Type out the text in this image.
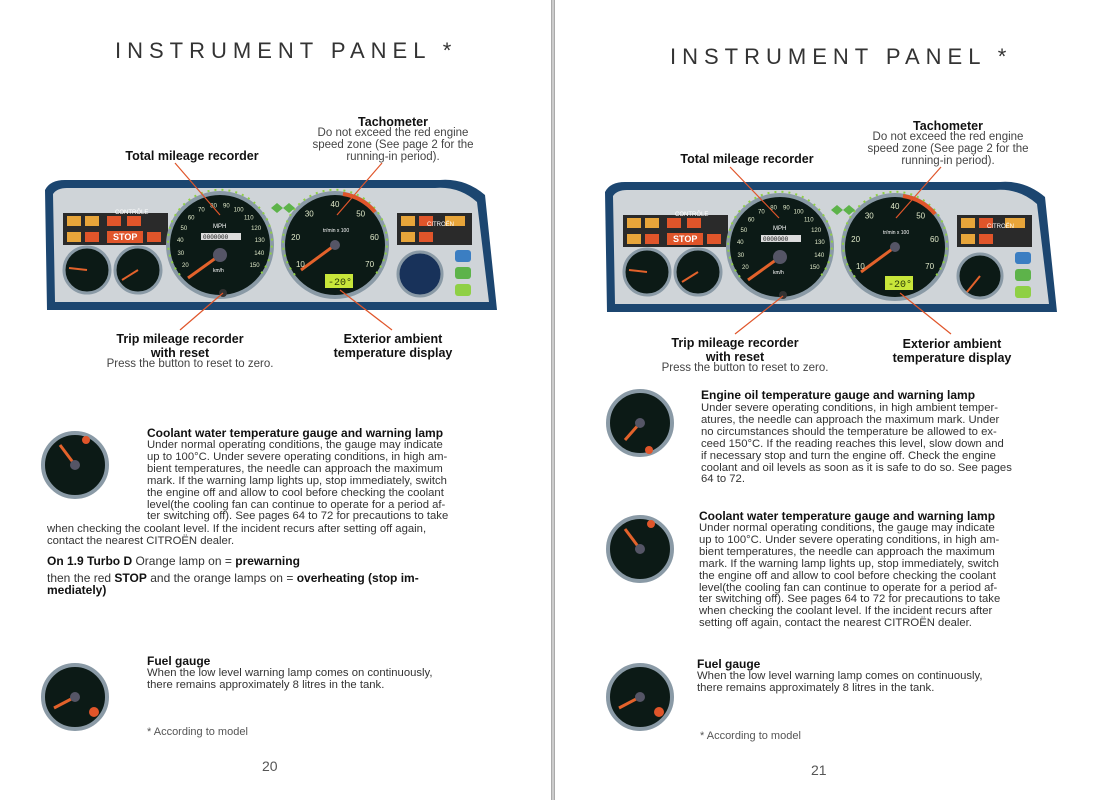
INSTRUMENT PANEL *
Tachometer
Do not exceed the red engine
speed zone (See page 2 for the
running-in period).
Total mileage recorder
CONTRÔLE
STOP
CITROËN
MPH
0000000
km/h
tr/min x 100
-20°
20
30
40
50
60
70
80 90
100
110
120
130
140
150	10
20
30
40
50
60
70
Trip mileage recorder
with reset
Press the button to reset to zero.
Exterior ambient
temperature display
Coolant water temperature gauge and warning lamp
Under normal operating conditions, the gauge may indicate
up to 100°C. Under severe operating conditions, in high am-
bient temperatures, the needle can approach the maximum
mark. If the warning lamp lights up, stop immediately, switch
the engine off and allow to cool before checking the coolant
level(the cooling fan can continue to operate for a period af-
ter switching off). See pages 64 to 72 for precautions to take
when checking the coolant level. If the incident recurs after setting off again,
contact the nearest CITROËN dealer.
On 1.9 Turbo D Orange lamp on = prewarning
then the red STOP and the orange lamps on = overheating (stop im-
mediately)
Fuel gauge
When the low level warning lamp comes on continuously,
there remains approximately 8 litres in the tank.
* According to model
20
INSTRUMENT PANEL *
Tachometer
Do not exceed the red engine
speed zone (See page 2 for the
running-in period).
Total mileage recorder
CONTRÔLE
STOP
CITROËN
MPH
0000000
km/h
tr/min x 100
-20°
20
30
40
50
60
70
80 90
100
110
120
130
140
150	10
20
30
40
50
60
70
Trip mileage recorder
with reset
Press the button to reset to zero.
Exterior ambient
temperature display
Engine oil temperature gauge and warning lamp
Under severe operating conditions, in high ambient temper-
atures, the needle can approach the maximum mark. Under
no circumstances should the temperature be allowed to ex-
ceed 150°C. If the reading reaches this level, slow down and
if necessary stop and turn the engine off. Check the engine
coolant and oil levels as soon as it is safe to do so. See pages
64 to 72.
Coolant water temperature gauge and warning lamp
Under normal operating conditions, the gauge may indicate
up to 100°C. Under severe operating conditions, in high am-
bient temperatures, the needle can approach the maximum
mark. If the warning lamp lights up, stop immediately, switch
the engine off and allow to cool before checking the coolant
level(the cooling fan can continue to operate for a period af-
ter switching off). See pages 64 to 72 for precautions to take
when checking the coolant level. If the incident recurs after
setting off again, contact the nearest CITROËN dealer.
Fuel gauge
When the low level warning lamp comes on continuously,
there remains approximately 8 litres in the tank.
* According to model
21
